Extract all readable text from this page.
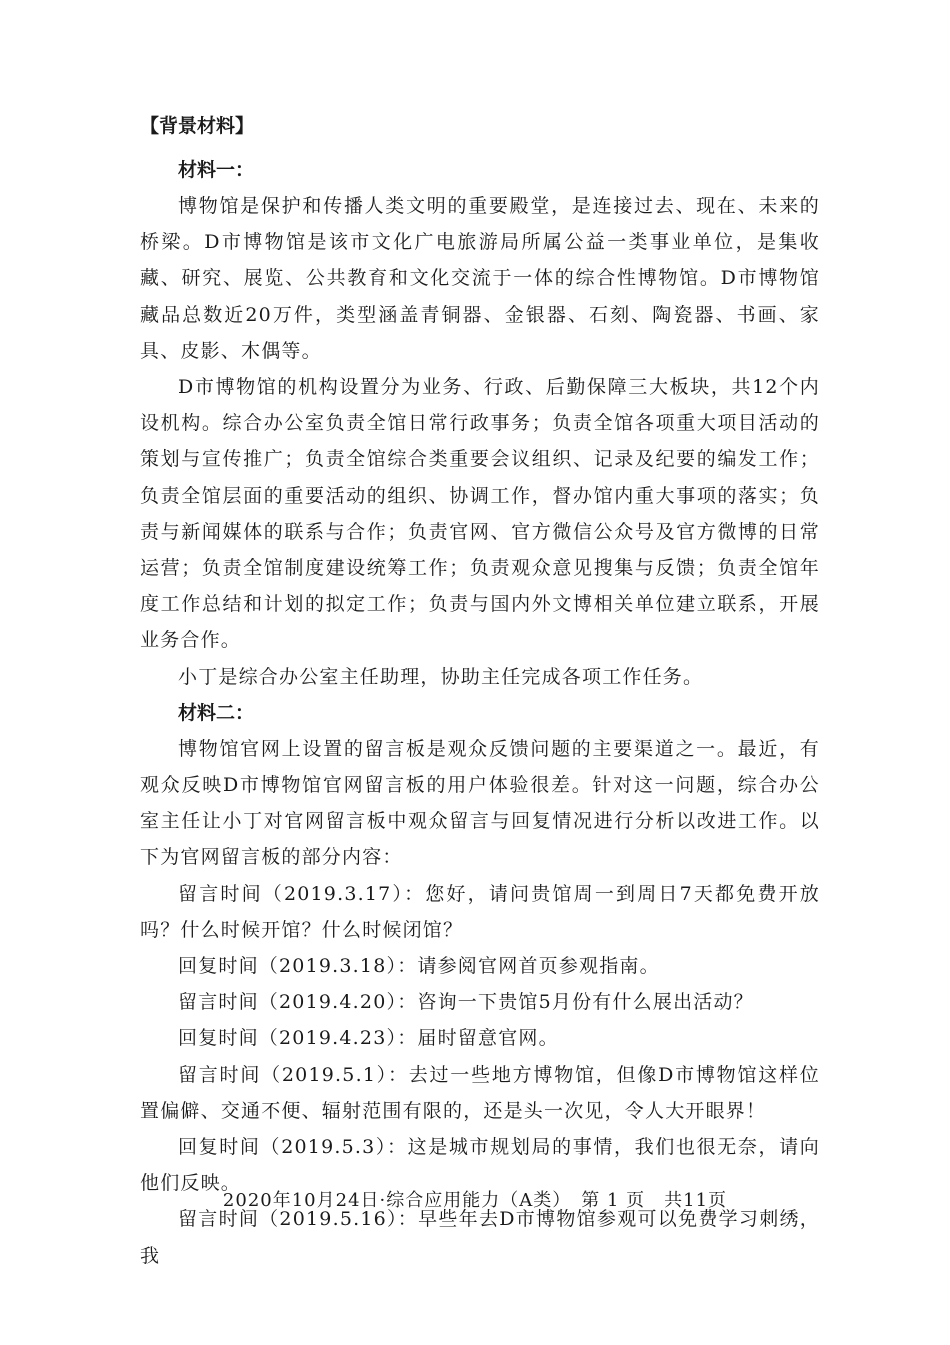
【背景材料】
材料一：

博物馆是保护和传播人类文明的重要殿堂，是连接过去、现在、未来的桥梁。D市博物馆是该市文化广电旅游局所属公益一类事业单位，是集收藏、研究、展览、公共教育和文化交流于一体的综合性博物馆。D市博物馆藏品总数近20万件，类型涵盖青铜器、金银器、石刻、陶瓷器、书画、家具、皮影、木偶等。

D市博物馆的机构设置分为业务、行政、后勤保障三大板块，共12个内设机构。综合办公室负责全馆日常行政事务；负责全馆各项重大项目活动的策划与宣传推广；负责全馆综合类重要会议组织、记录及纪要的编发工作；负责全馆层面的重要活动的组织、协调工作，督办馆内重大事项的落实；负责与新闻媒体的联系与合作；负责官网、官方微信公众号及官方微博的日常运营；负责全馆制度建设统筹工作；负责观众意见搜集与反馈；负责全馆年度工作总结和计划的拟定工作；负责与国内外文博相关单位建立联系，开展业务合作。

小丁是综合办公室主任助理，协助主任完成各项工作任务。

材料二：

博物馆官网上设置的留言板是观众反馈问题的主要渠道之一。最近，有观众反映D市博物馆官网留言板的用户体验很差。针对这一问题，综合办公室主任让小丁对官网留言板中观众留言与回复情况进行分析以改进工作。以下为官网留言板的部分内容：

留言时间（2019.3.17）：您好，请问贵馆周一到周日7天都免费开放吗？什么时候开馆？什么时候闭馆？

回复时间（2019.3.18）：请参阅官网首页参观指南。

留言时间（2019.4.20）：咨询一下贵馆5月份有什么展出活动？

回复时间（2019.4.23）：届时留意官网。

留言时间（2019.5.1）：去过一些地方博物馆，但像D市博物馆这样位置偏僻、交通不便、辐射范围有限的，还是头一次见，令人大开眼界！

回复时间（2019.5.3）：这是城市规划局的事情，我们也很无奈，请向他们反映。

留言时间（2019.5.16）：早些年去D市博物馆参观可以免费学习刺绣，我

2020年10月24日·综合应用能力（A类）　第 1 页　共11页
